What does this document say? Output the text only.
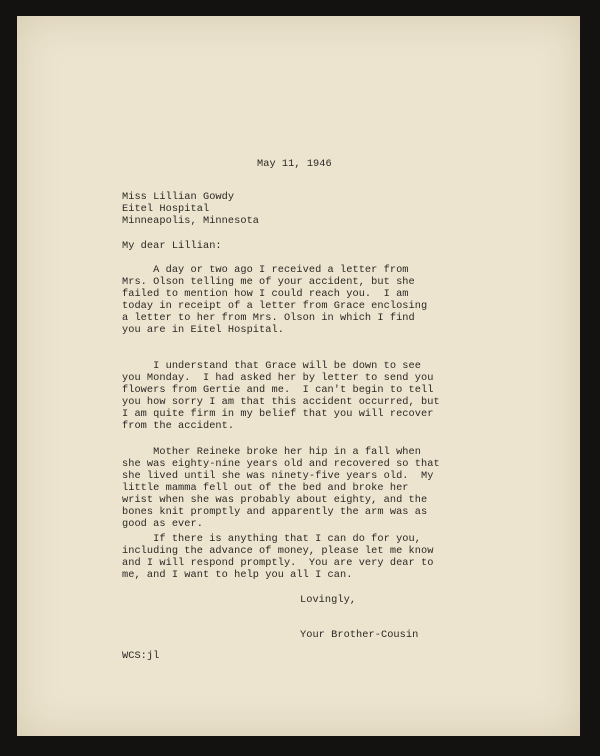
May 11, 1946
Miss Lillian Gowdy
Eitel Hospital
Minneapolis, Minnesota
My dear Lillian:
A day or two ago I received a letter from
Mrs. Olson telling me of your accident, but she
failed to mention how I could reach you.  I am
today in receipt of a letter from Grace enclosing
a letter to her from Mrs. Olson in which I find
you are in Eitel Hospital.
I understand that Grace will be down to see
you Monday.  I had asked her by letter to send you
flowers from Gertie and me.  I can't begin to tell
you how sorry I am that this accident occurred, but
I am quite firm in my belief that you will recover
from the accident.
Mother Reineke broke her hip in a fall when
she was eighty-nine years old and recovered so that
she lived until she was ninety-five years old.  My
little mamma fell out of the bed and broke her
wrist when she was probably about eighty, and the
bones knit promptly and apparently the arm was as
good as ever.
If there is anything that I can do for you,
including the advance of money, please let me know
and I will respond promptly.  You are very dear to
me, and I want to help you all I can.
Lovingly,
Your Brother-Cousin
WCS:jl
